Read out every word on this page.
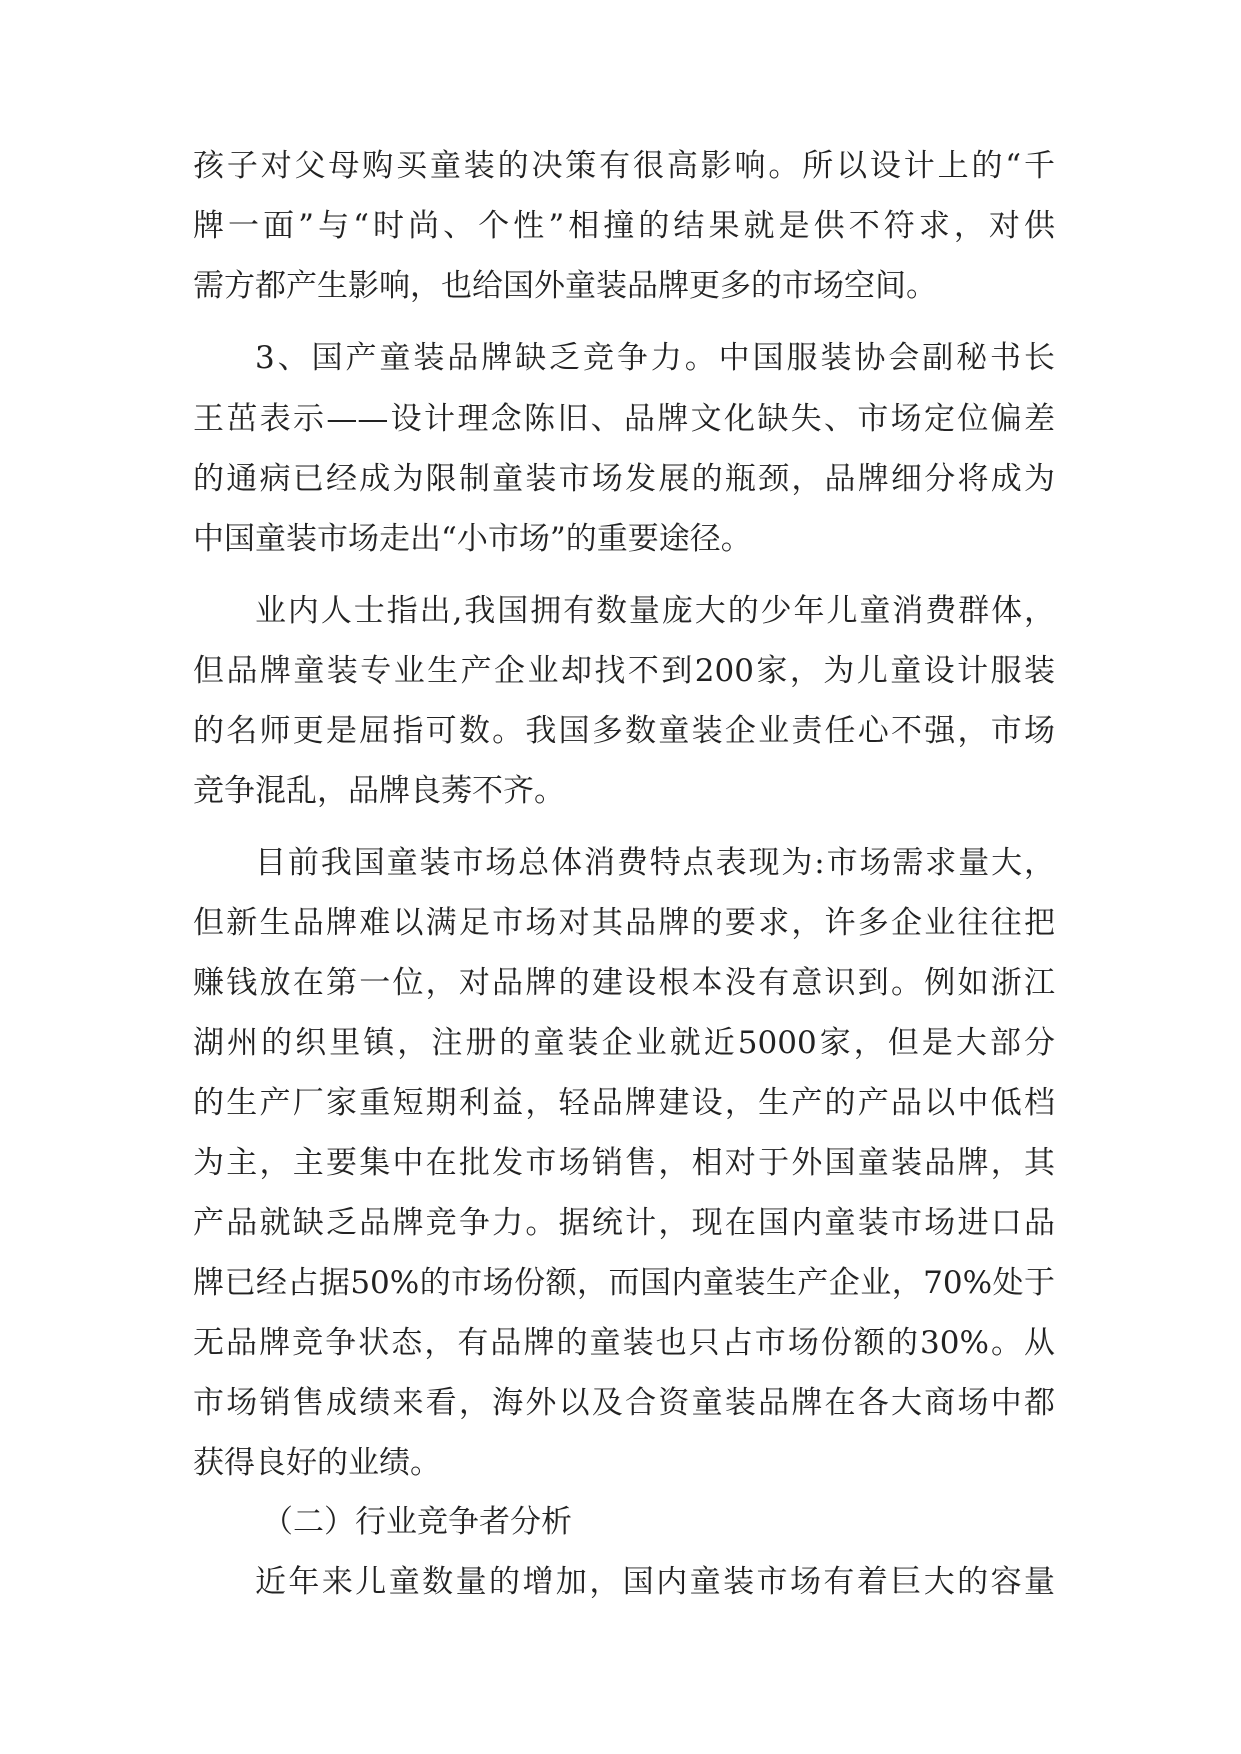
孩子对父母购买童装的决策有很高影响。所以设计上的“千
牌一面”与“时尚、个性”相撞的结果就是供不符求，对供
需方都产生影响，也给国外童装品牌更多的市场空间。
3、国产童装品牌缺乏竞争力。中国服装协会副秘书长
王茁表示——设计理念陈旧、品牌文化缺失、市场定位偏差
的通病已经成为限制童装市场发展的瓶颈，品牌细分将成为
中国童装市场走出“小市场”的重要途径。
业内人士指出,我国拥有数量庞大的少年儿童消费群体，
但品牌童装专业生产企业却找不到200家，为儿童设计服装
的名师更是屈指可数。我国多数童装企业责任心不强，市场
竞争混乱，品牌良莠不齐。
目前我国童装市场总体消费特点表现为:市场需求量大，
但新生品牌难以满足市场对其品牌的要求，许多企业往往把
赚钱放在第一位，对品牌的建设根本没有意识到。例如浙江
湖州的织里镇，注册的童装企业就近5000家，但是大部分
的生产厂家重短期利益，轻品牌建设，生产的产品以中低档
为主，主要集中在批发市场销售，相对于外国童装品牌，其
产品就缺乏品牌竞争力。据统计，现在国内童装市场进口品
牌已经占据50%的市场份额，而国内童装生产企业，70%处于
无品牌竞争状态，有品牌的童装也只占市场份额的30%。从
市场销售成绩来看，海外以及合资童装品牌在各大商场中都
获得良好的业绩。
（二）行业竞争者分析
近年来儿童数量的增加，国内童装市场有着巨大的容量
